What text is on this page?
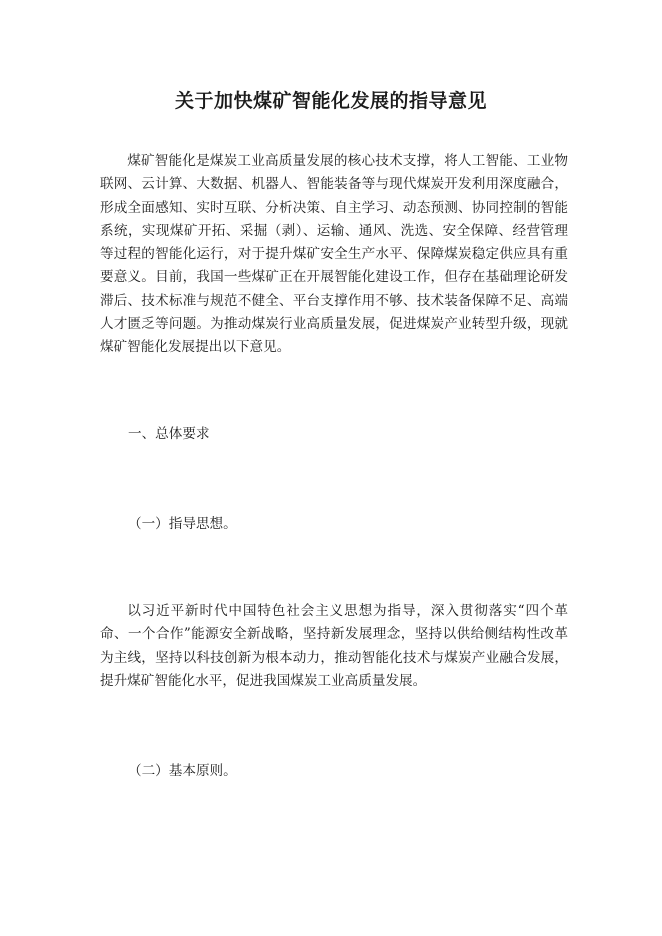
关于加快煤矿智能化发展的指导意见

煤矿智能化是煤炭工业高质量发展的核心技术支撑，将人工智能、工业物联网、云计算、大数据、机器人、智能装备等与现代煤炭开发利用深度融合，形成全面感知、实时互联、分析决策、自主学习、动态预测、协同控制的智能系统，实现煤矿开拓、采掘（剥）、运输、通风、洗选、安全保障、经营管理等过程的智能化运行，对于提升煤矿安全生产水平、保障煤炭稳定供应具有重要意义。目前，我国一些煤矿正在开展智能化建设工作，但存在基础理论研发滞后、技术标准与规范不健全、平台支撑作用不够、技术装备保障不足、高端人才匮乏等问题。为推动煤炭行业高质量发展，促进煤炭产业转型升级，现就煤矿智能化发展提出以下意见。

一、总体要求

（一）指导思想。

以习近平新时代中国特色社会主义思想为指导，深入贯彻落实“四个革命、一个合作”能源安全新战略，坚持新发展理念，坚持以供给侧结构性改革为主线，坚持以科技创新为根本动力，推动智能化技术与煤炭产业融合发展，提升煤矿智能化水平，促进我国煤炭工业高质量发展。

（二）基本原则。
